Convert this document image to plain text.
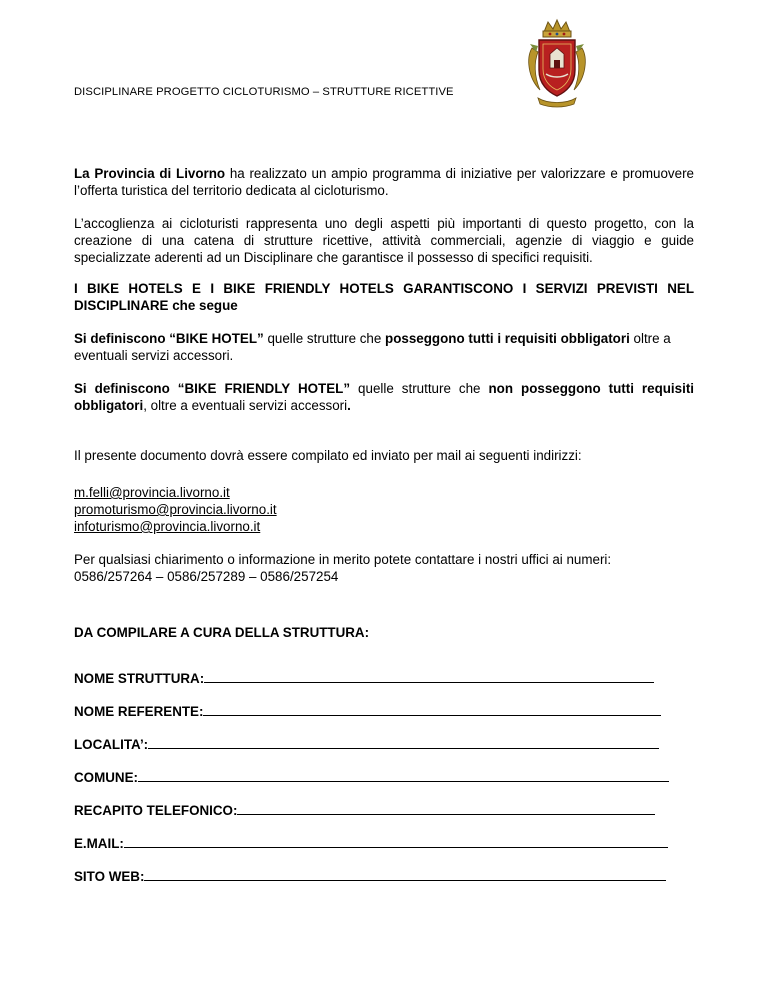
DISCIPLINARE PROGETTO CICLOTURISMO – STRUTTURE RICETTIVE

La Provincia di Livorno ha realizzato un ampio programma di iniziative per valorizzare e promuovere l’offerta turistica del territorio dedicata al cicloturismo.

L’accoglienza ai cicloturisti rappresenta uno degli aspetti più importanti di questo progetto, con la creazione di una catena di strutture ricettive, attività commerciali, agenzie di viaggio e guide specializzate aderenti ad un Disciplinare che garantisce il possesso di specifici requisiti.

I BIKE HOTELS E I BIKE FRIENDLY HOTELS GARANTISCONO I SERVIZI PREVISTI NEL DISCIPLINARE che segue

Si definiscono “BIKE HOTEL” quelle strutture che posseggono tutti i requisiti obbligatori oltre a eventuali servizi accessori.

Si definiscono “BIKE FRIENDLY HOTEL” quelle strutture che non posseggono tutti requisiti obbligatori, oltre a eventuali servizi accessori.

Il presente documento dovrà essere compilato ed inviato per mail ai seguenti indirizzi:

m.felli@provincia.livorno.it
promoturismo@provincia.livorno.it
infoturismo@provincia.livorno.it

Per qualsiasi chiarimento o informazione in merito potete contattare i nostri uffici ai numeri:

0586/257264 – 0586/257289 – 0586/257254

DA COMPILARE A CURA DELLA STRUTTURA:

NOME STRUTTURA:
NOME REFERENTE:
LOCALITA’:
COMUNE:
RECAPITO TELEFONICO:
E.MAIL:
SITO WEB:
